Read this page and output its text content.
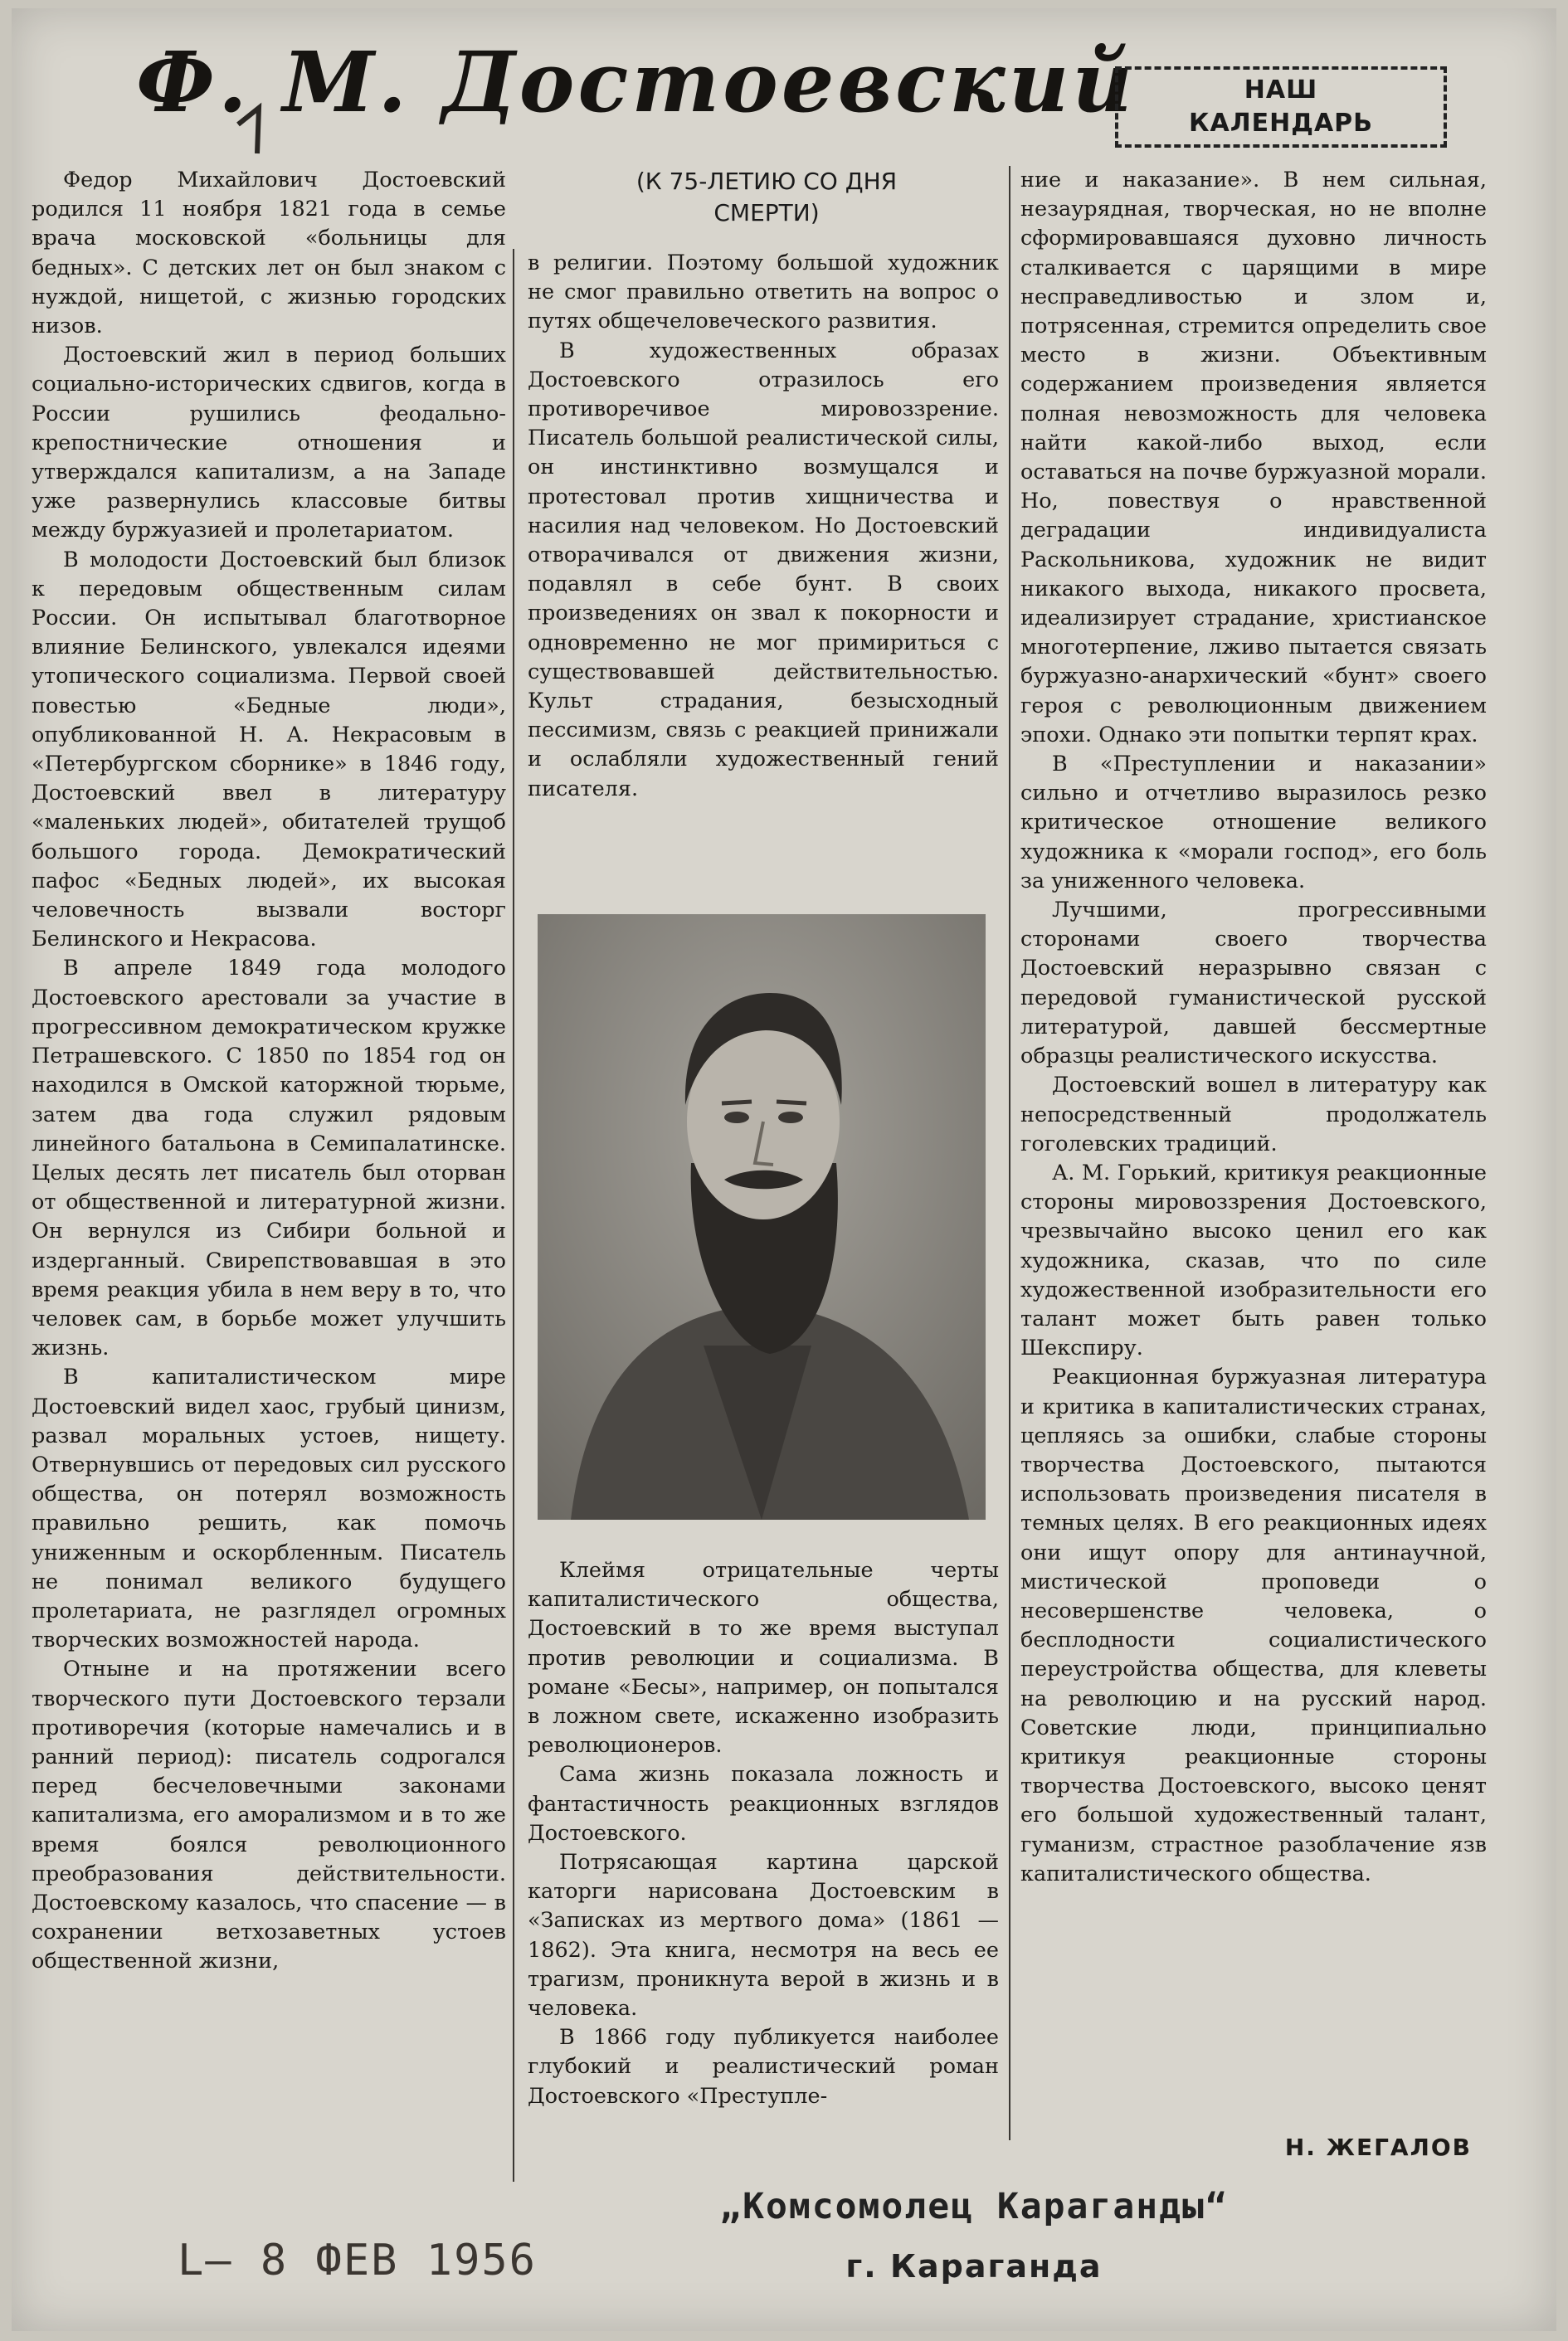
Ф. М. Достоевский	НАШ
КАЛЕНДАРЬ
(К 75-ЛЕТИЮ СО ДНЯ
СМЕРТИ)

Федор Михайлович Достоевский родился 11 ноября 1821 года в семье врача московской «больницы для бедных». С детских лет он был знаком с нуждой, нищетой, с жизнью городских низов.

Достоевский жил в период больших социально-исторических сдвигов, когда в России рушились феодально-крепостнические отношения и утверждался капитализм, а на Западе уже развернулись классовые битвы между буржуазией и пролетариатом.

В молодости Достоевский был близок к передовым общественным силам России. Он испытывал благотворное влияние Белинского, увлекался идеями утопического социализма. Первой своей повестью «Бедные люди», опубликованной Н. А. Некрасовым в «Петербургском сборнике» в 1846 году, Достоевский ввел в литературу «маленьких людей», обитателей трущоб большого города. Демократический пафос «Бедных людей», их высокая человечность вызвали восторг Белинского и Некрасова.

В апреле 1849 года молодого Достоевского арестовали за участие в прогрессивном демократическом кружке Петрашевского. С 1850 по 1854 год он находился в Омской каторжной тюрьме, затем два года служил рядовым линейного батальона в Семипалатинске. Целых десять лет писатель был оторван от общественной и литературной жизни. Он вернулся из Сибири больной и издерганный. Свирепствовавшая в это время реакция убила в нем веру в то, что человек сам, в борьбе может улучшить жизнь.

В капиталистическом мире Достоевский видел хаос, грубый цинизм, развал моральных устоев, нищету. Отвернувшись от передовых сил русского общества, он потерял возможность правильно решить, как помочь униженным и оскорбленным. Писатель не понимал великого будущего пролетариата, не разглядел огромных творческих возможностей народа.

Отныне и на протяжении всего творческого пути Достоевского терзали противоречия (которые намечались и в ранний период): писатель содрогался перед бесчеловечными законами капитализма, его аморализмом и в то же время боялся революционного преобразования действительности. Достоевскому казалось, что спасение — в сохранении ветхозаветных устоев общественной жизни,

в религии. Поэтому большой художник не смог правильно ответить на вопрос о путях общечеловеческого развития.

В художественных образах Достоевского отразилось его противоречивое мировоззрение. Писатель большой реалистической силы, он инстинктивно возмущался и протестовал против хищничества и насилия над человеком. Но Достоевский отворачивался от движения жизни, подавлял в себе бунт. В своих произведениях он звал к покорности и одновременно не мог примириться с существовавшей действительностью. Культ страдания, безысходный пессимизм, связь с реакцией принижали и ослабляли художественный гений писателя.

Клеймя отрицательные черты капиталистического общества, Достоевский в то же время выступал против революции и социализма. В романе «Бесы», например, он попытался в ложном свете, искаженно изобразить революционеров.

Сама жизнь показала ложность и фантастичность реакционных взглядов Достоевского.

Потрясающая картина царской каторги нарисована Достоевским в «Записках из мертвого дома» (1861 — 1862). Эта книга, несмотря на весь ее трагизм, проникнута верой в жизнь и в человека.

В 1866 году публикуется наиболее глубокий и реалистический роман Достоевского «Преступле-

ние и наказание». В нем сильная, незаурядная, творческая, но не вполне сформировавшаяся духовно личность сталкивается с царящими в мире несправедливостью и злом и, потрясенная, стремится определить свое место в жизни. Объективным содержанием произведения является полная невозможность для человека найти какой-либо выход, если оставаться на почве буржуазной морали. Но, повествуя о нравственной деградации индивидуалиста Раскольникова, художник не видит никакого выхода, никакого просвета, идеализирует страдание, христианское многотерпение, лживо пытается связать буржуазно-анархический «бунт» своего героя с революционным движением эпохи. Однако эти попытки терпят крах.

В «Преступлении и наказании» сильно и отчетливо выразилось резко критическое отношение великого художника к «морали господ», его боль за униженного человека.

Лучшими, прогрессивными сторонами своего творчества Достоевский неразрывно связан с передовой гуманистической русской литературой, давшей бессмертные образцы реалистического искусства.

Достоевский вошел в литературу как непосредственный продолжатель гоголевских традиций.

А. М. Горький, критикуя реакционные стороны мировоззрения Достоевского, чрезвычайно высоко ценил его как художника, сказав, что по силе художественной изобразительности его талант может быть равен только Шекспиру.

Реакционная буржуазная литература и критика в капиталистических странах, цепляясь за ошибки, слабые стороны творчества Достоевского, пытаются использовать произведения писателя в темных целях. В его реакционных идеях они ищут опору для антинаучной, мистической проповеди о несовершенстве человека, о бесплодности социалистического переустройства общества, для клеветы на революцию и на русский народ. Советские люди, принципиально критикуя реакционные стороны творчества Достоевского, высоко ценят его большой художественный талант, гуманизм, страстное разоблачение язв капиталистического общества.

Н. ЖЕГАЛОВ
„Комсомолец Караганды“
г. Караганда
L– 8 ФЕВ 1956
